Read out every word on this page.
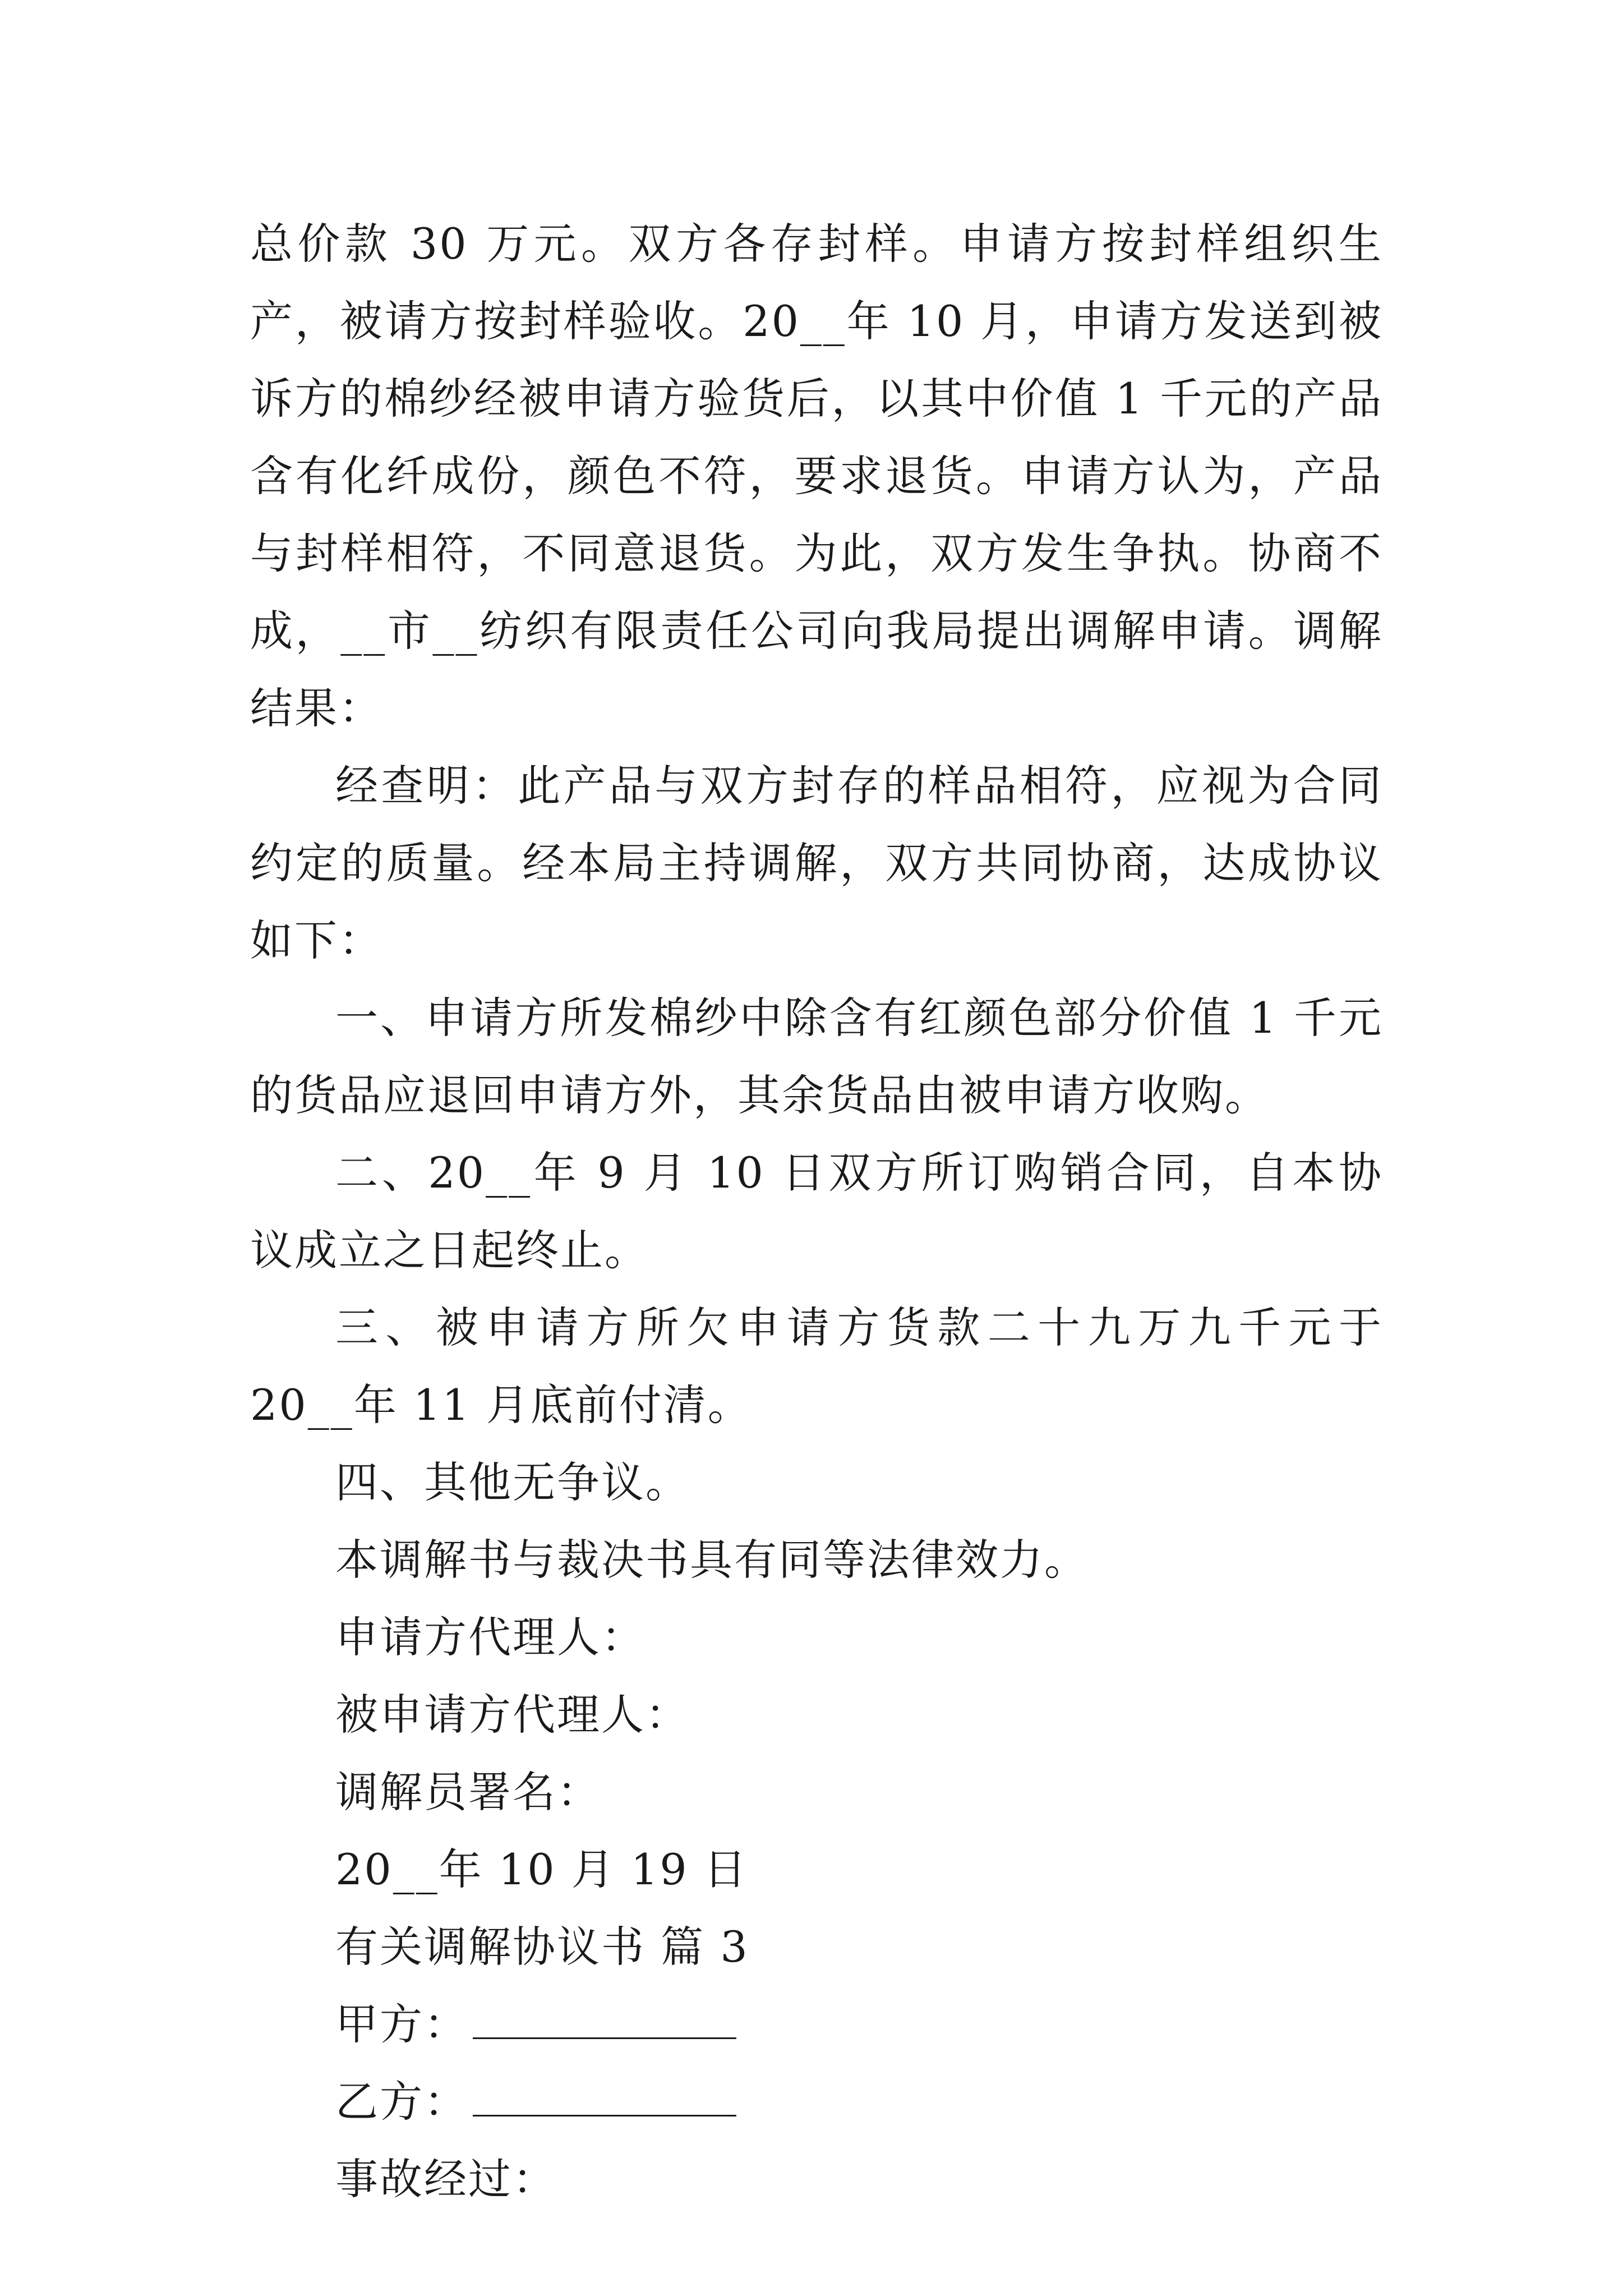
总价款 30 万元。双方各存封样。申请方按封样组织生产，被请方按封样验收。20__年 10 月，申请方发送到被诉方的棉纱经被申请方验货后，以其中价值 1 千元的产品含有化纤成份，颜色不符，要求退货。申请方认为，产品与封样相符，不同意退货。为此，双方发生争执。协商不成，__市__纺织有限责任公司向我局提出调解申请。调解结果：

经查明：此产品与双方封存的样品相符，应视为合同约定的质量。经本局主持调解，双方共同协商，达成协议如下：

一、申请方所发棉纱中除含有红颜色部分价值 1 千元的货品应退回申请方外，其余货品由被申请方收购。

二、20__年 9 月 10 日双方所订购销合同，自本协议成立之日起终止。

三、被申请方所欠申请方货款二十九万九千元于 20__年 11 月底前付清。

四、其他无争议。

本调解书与裁决书具有同等法律效力。

申请方代理人：

被申请方代理人：

调解员署名：

20__年 10 月 19 日

有关调解协议书 篇 3

甲方：

乙方：

事故经过：
